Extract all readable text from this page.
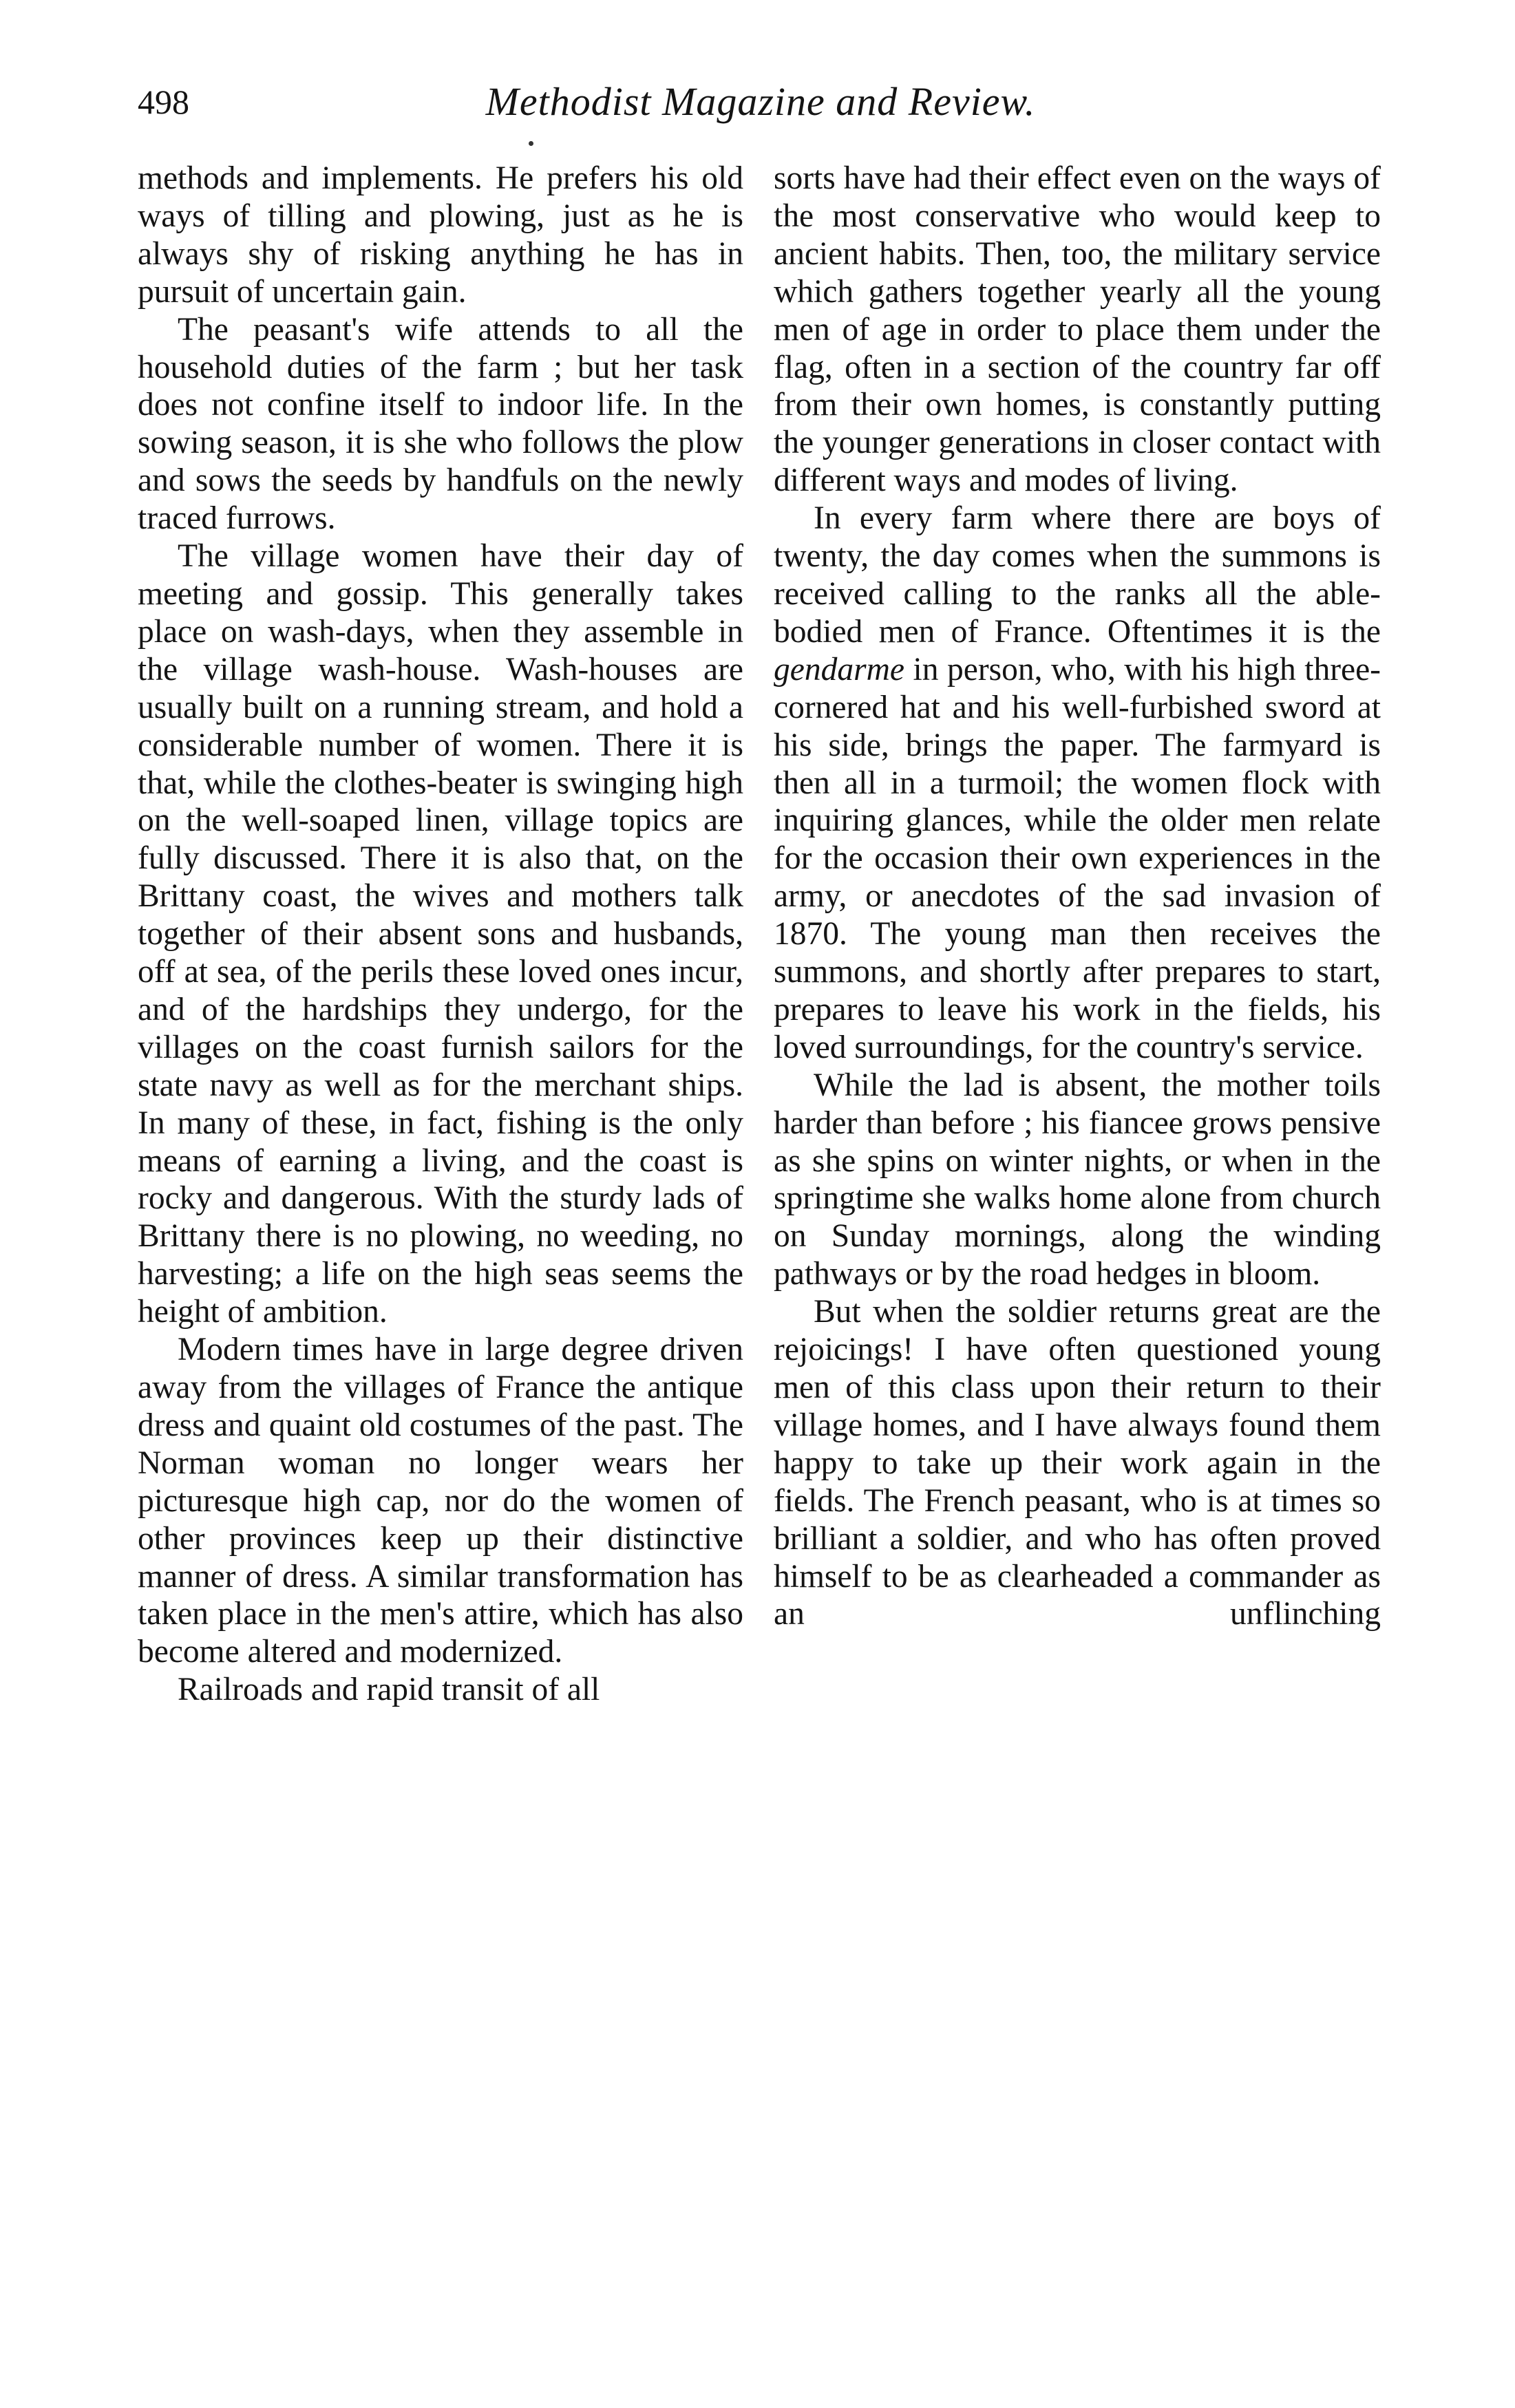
498	Methodist Magazine and Review.

methods and implements. He prefers his old ways of tilling and plowing, just as he is always shy of risking anything he has in pursuit of uncertain gain.

The peasant's wife attends to all the household duties of the farm ; but her task does not confine itself to indoor life. In the sowing season, it is she who follows the plow and sows the seeds by handfuls on the newly traced furrows.

The village women have their day of meeting and gossip. This generally takes place on wash-days, when they assemble in the village wash-house. Wash-houses are usually built on a running stream, and hold a considerable number of women. There it is that, while the clothes-beater is swinging high on the well-soaped linen, village topics are fully discussed. There it is also that, on the Brittany coast, the wives and mothers talk together of their absent sons and husbands, off at sea, of the perils these loved ones incur, and of the hardships they undergo, for the villages on the coast furnish sailors for the state navy as well as for the merchant ships. In many of these, in fact, fishing is the only means of earning a living, and the coast is rocky and dangerous. With the sturdy lads of Brittany there is no plowing, no weeding, no harvesting; a life on the high seas seems the height of ambition.

Modern times have in large degree driven away from the villages of France the antique dress and quaint old costumes of the past. The Norman woman no longer wears her picturesque high cap, nor do the women of other provinces keep up their distinctive manner of dress. A similar transformation has taken place in the men's attire, which has also become altered and modernized.

Railroads and rapid transit of all

sorts have had their effect even on the ways of the most conservative who would keep to ancient habits. Then, too, the military service which gathers together yearly all the young men of age in order to place them under the flag, often in a section of the country far off from their own homes, is constantly putting the younger generations in closer contact with different ways and modes of living.

In every farm where there are boys of twenty, the day comes when the summons is received calling to the ranks all the able-bodied men of France. Oftentimes it is the gendarme in person, who, with his high three-cornered hat and his well-furbished sword at his side, brings the paper. The farmyard is then all in a turmoil; the women flock with inquiring glances, while the older men relate for the occasion their own experiences in the army, or anecdotes of the sad invasion of 1870. The young man then receives the summons, and shortly after prepares to start, prepares to leave his work in the fields, his loved surroundings, for the country's service.

While the lad is absent, the mother toils harder than before ; his fiancee grows pensive as she spins on winter nights, or when in the springtime she walks home alone from church on Sunday mornings, along the winding pathways or by the road hedges in bloom.

But when the soldier returns great are the rejoicings! I have often questioned young men of this class upon their return to their village homes, and I have always found them happy to take up their work again in the fields. The French peasant, who is at times so brilliant a soldier, and who has often proved himself to be as clearheaded a commander as an unflinching
